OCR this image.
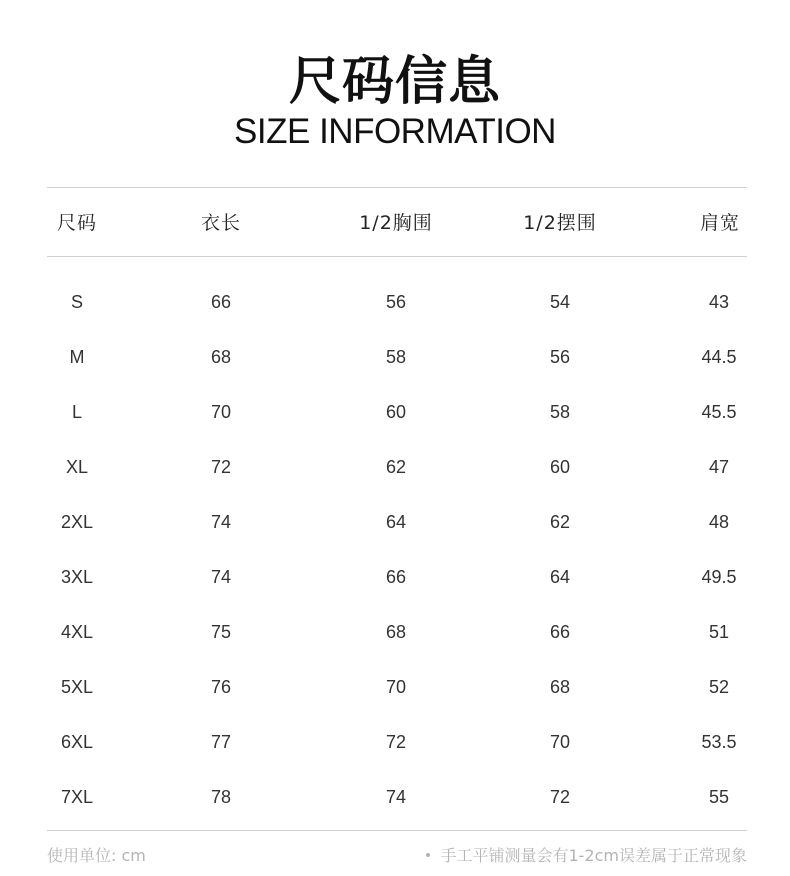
尺码信息
SIZE INFORMATION
尺码	衣长	1/2胸围	1/2摆围	肩宽
S	66	56	54	43
M	68	58	56	44.5
L	70	60	58	45.5
XL	72	62	60	47
2XL	74	64	62	48
3XL	74	66	64	49.5
4XL	75	68	66	51
5XL	76	70	68	52
6XL	77	72	70	53.5
7XL	78	74	72	55
使用单位: cm	手工平铺测量会有1-2cm误差属于正常现象
